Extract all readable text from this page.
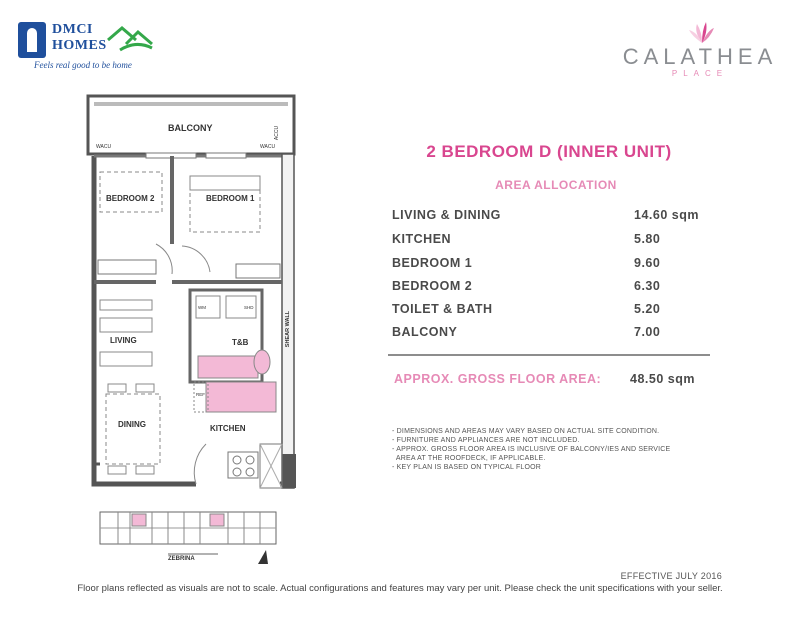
DMCI
HOMES
Feels real good to be home	CALATHEA
PLACE
BALCONY
WACU	WACU
ACCU
BEDROOM 2	BEDROOM 1
LIVING	T&B
WM	SHD
REF
DINING	KITCHEN
SHEAR WALL
2 BEDROOM D (INNER UNIT)
AREA ALLOCATION
LIVING & DINING	14.60 sqm
KITCHEN	5.80
BEDROOM 1	9.60
BEDROOM 2	6.30
TOILET & BATH	5.20
BALCONY	7.00
APPROX. GROSS FLOOR AREA: 48.50 sqm
- DIMENSIONS AND AREAS MAY VARY BASED ON ACTUAL SITE CONDITION.
- FURNITURE AND APPLIANCES ARE NOT INCLUDED.
- APPROX. GROSS FLOOR AREA IS INCLUSIVE OF BALCONY/IES AND SERVICE
AREA AT THE ROOFDECK, IF APPLICABLE.
- KEY PLAN IS BASED ON TYPICAL FLOOR
ZEBRINA	N
EFFECTIVE JULY 2016
Floor plans reflected as visuals are not to scale. Actual configurations and features may vary per unit. Please check the unit specifications with your seller.
